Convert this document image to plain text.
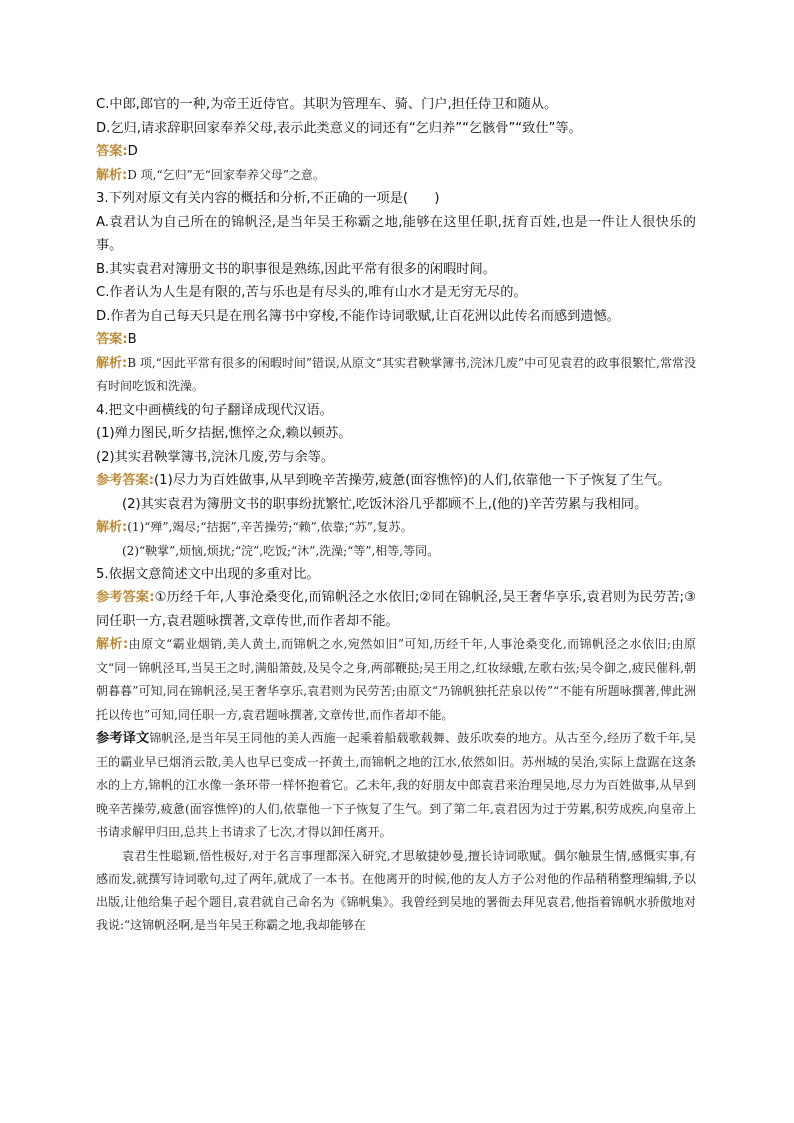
C.中郎,郎官的一种,为帝王近侍官。其职为管理车、骑、门户,担任侍卫和随从。
D.乞归,请求辞职回家奉养父母,表示此类意义的词还有“乞归养”“乞骸骨”“致仕”等。
答案:D
解析:D 项,“乞归”无“回家奉养父母”之意。
3.下列对原文有关内容的概括和分析,不正确的一项是(　　)
A.袁君认为自己所在的锦帆泾,是当年吴王称霸之地,能够在这里任职,抚育百姓,也是一件让人很快乐的事。
B.其实袁君对簿册文书的职事很是熟练,因此平常有很多的闲暇时间。
C.作者认为人生是有限的,苦与乐也是有尽头的,唯有山水才是无穷无尽的。
D.作者为自己每天只是在刑名簿书中穿梭,不能作诗词歌赋,让百花洲以此传名而感到遗憾。
答案:B
解析:B 项,“因此平常有很多的闲暇时间”错误,从原文“其实君鞅掌簿书,浣沐几废”中可见袁君的政事很繁忙,常常没有时间吃饭和洗澡。
4.把文中画横线的句子翻译成现代汉语。
(1)殚力图民,昕夕拮据,憔悴之众,赖以顿苏。
(2)其实君鞅掌簿书,浣沐几废,劳与余等。
参考答案:(1)尽力为百姓做事,从早到晚辛苦操劳,疲惫(面容憔悴)的人们,依靠他一下子恢复了生气。
(2)其实袁君为簿册文书的职事纷扰繁忙,吃饭沐浴几乎都顾不上,(他的)辛苦劳累与我相同。
解析:(1)“殚”,竭尽;“拮据”,辛苦操劳;“赖”,依靠;“苏”,复苏。
(2)“鞅掌”,烦恼,烦扰;“浣”,吃饭;“沐”,洗澡;“等”,相等,等同。
5.依据文意简述文中出现的多重对比。
参考答案:①历经千年,人事沧桑变化,而锦帆泾之水依旧;②同在锦帆泾,吴王奢华享乐,袁君则为民劳苦;③同任职一方,袁君题咏撰著,文章传世,而作者却不能。
解析:由原文“霸业烟销,美人黄土,而锦帆之水,宛然如旧”可知,历经千年,人事沧桑变化,而锦帆泾之水依旧;由原文“同一锦帆泾耳,当吴王之时,满船箫鼓,及吴令之身,两部鞭挞;吴王用之,红妆绿蛾,左歌右弦;吴令御之,疲民催科,朝朝暮暮”可知,同在锦帆泾,吴王奢华享乐,袁君则为民劳苦;由原文“乃锦帆独托茫泉以传”“不能有所题咏撰著,俾此洲托以传也”可知,同任职一方,袁君题咏撰著,文章传世,而作者却不能。
参考译文锦帆泾,是当年吴王同他的美人西施一起乘着船载歌载舞、鼓乐吹奏的地方。从古至今,经历了数千年,吴王的霸业早已烟消云散,美人也早已变成一抔黄土,而锦帆之地的江水,依然如旧。苏州城的吴治,实际上盘踞在这条水的上方,锦帆的江水像一条环带一样怀抱着它。乙未年,我的好朋友中郎袁君来治理吴地,尽力为百姓做事,从早到晚辛苦操劳,疲惫(面容憔悴)的人们,依靠他一下子恢复了生气。到了第二年,袁君因为过于劳累,积劳成疾,向皇帝上书请求解甲归田,总共上书请求了七次,才得以卸任离开。
袁君生性聪颖,悟性极好,对于名言事理都深入研究,才思敏捷妙曼,擅长诗词歌赋。偶尔触景生情,感慨实事,有感而发,就撰写诗词歌句,过了两年,就成了一本书。在他离开的时候,他的友人方子公对他的作品稍稍整理编辑,予以出版,让他给集子起个题目,袁君就自己命名为《锦帆集》。我曾经到吴地的署衙去拜见袁君,他指着锦帆水骄傲地对我说:“这锦帆泾啊,是当年吴王称霸之地,我却能够在
